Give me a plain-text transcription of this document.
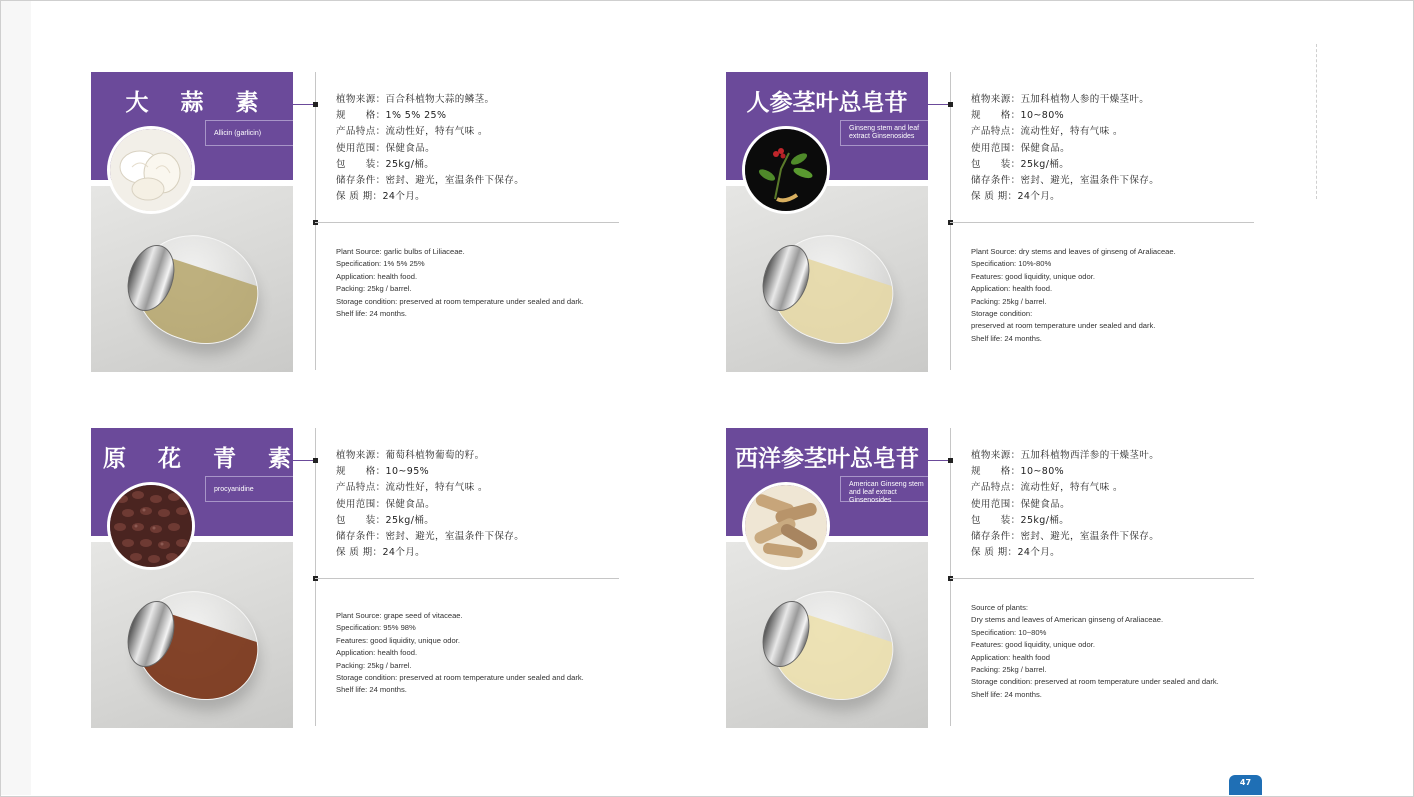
大 蒜 素
Allicin (garlicin)
植物来源：百合科植物大蒜的鳞茎。
规　　格：1% 5% 25%
产品特点：流动性好，特有气味 。
使用范围：保健食品。
包　　装：25kg/桶。
储存条件：密封、避光，室温条件下保存。
保 质 期：24个月。
Plant Source: garlic bulbs of Liliaceae.
Specification: 1% 5% 25%
Application: health food.
Packing: 25kg / barrel.
Storage condition: preserved at room temperature under sealed and dark.
Shelf life: 24 months.
人参茎叶总皂苷
Ginseng stem and leaf extract Ginsenosides
植物来源：五加科植物人参的干燥茎叶。
规　　格：10~80%
产品特点：流动性好，特有气味 。
使用范围：保健食品。
包　　装：25kg/桶。
储存条件：密封、避光，室温条件下保存。
保 质 期：24个月。
Plant Source: dry stems and leaves of ginseng of Araliaceae.
Specification: 10%-80%
Features: good liquidity, unique odor.
Application: health food.
Packing: 25kg / barrel.
Storage condition:
preserved at room temperature under sealed and dark.
Shelf life: 24 months.
原 花 青 素
procyanidine
植物来源：葡萄科植物葡萄的籽。
规　　格：10~95%
产品特点：流动性好，特有气味 。
使用范围：保健食品。
包　　装：25kg/桶。
储存条件：密封、避光，室温条件下保存。
保 质 期：24个月。
Plant Source: grape seed of vitaceae.
Specification: 95% 98%
Features: good liquidity, unique odor.
Application: health food.
Packing: 25kg / barrel.
Storage condition: preserved at room temperature under sealed and dark.
Shelf life: 24 months.
西洋参茎叶总皂苷
American Ginseng stem and leaf extract Ginsenosides
植物来源：五加科植物西洋参的干燥茎叶。
规　　格：10~80%
产品特点：流动性好，特有气味 。
使用范围：保健食品。
包　　装：25kg/桶。
储存条件：密封、避光，室温条件下保存。
保 质 期：24个月。
Source of plants:
Dry stems and leaves of American ginseng of Araliaceae.
Specification: 10~80%
Features: good liquidity, unique odor.
Application: health food
Packing: 25kg / barrel.
Storage condition: preserved at room temperature under sealed and dark.
Shelf life: 24 months.
47
